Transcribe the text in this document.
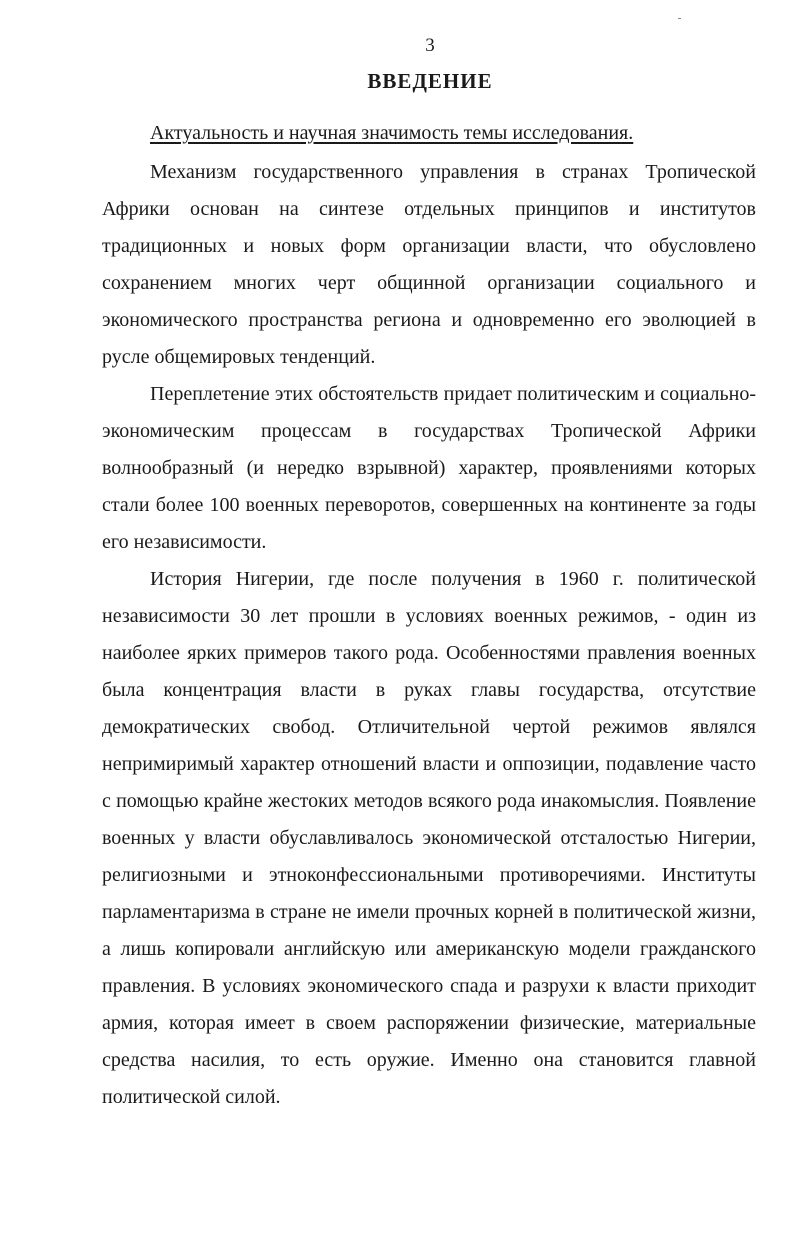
3
ВВЕДЕНИЕ

Актуальность и научная значимость темы исследования.

Механизм государственного управления в странах Тропической Африки основан на синтезе отдельных принципов и институтов традиционных и новых форм организации власти, что обусловлено сохранением многих черт общинной организации социального и экономического пространства региона и одновременно его эволюцией в русле общемировых тенденций.

Переплетение этих обстоятельств придает политическим и социально-экономическим процессам в государствах Тропической Африки волнообразный (и нередко взрывной) характер, проявлениями которых стали более 100 военных переворотов, совершенных на континенте за годы его независимости.

История Нигерии, где после получения в 1960 г. политической независимости 30 лет прошли в условиях военных режимов, - один из наиболее ярких примеров такого рода. Особенностями правления военных была концентрация власти в руках главы государства, отсутствие демократических свобод. Отличительной чертой режимов являлся непримиримый характер отношений власти и оппозиции, подавление часто с помощью крайне жестоких методов всякого рода инакомыслия. Появление военных у власти обуславливалось экономической отсталостью Нигерии, религиозными и этноконфессиональными противоречиями. Институты парламентаризма в стране не имели прочных корней в политической жизни, а лишь копировали английскую или американскую модели гражданского правления. В условиях экономического спада и разрухи к власти приходит армия, которая имеет в своем распоряжении физические, материальные средства насилия, то есть оружие. Именно она становится главной политической силой.
